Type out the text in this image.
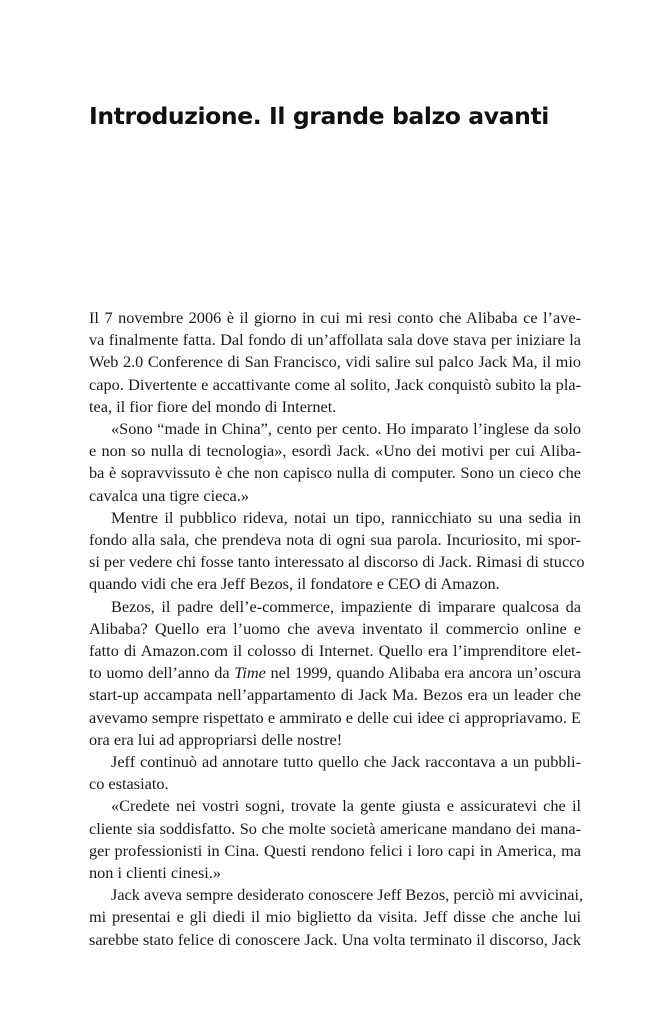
Introduzione. Il grande balzo avanti

Il 7 novembre 2006 è il giorno in cui mi resi conto che Alibaba ce l’ave-
va finalmente fatta. Dal fondo di un’affollata sala dove stava per iniziare la
Web 2.0 Conference di San Francisco, vidi salire sul palco Jack Ma, il mio
capo. Divertente e accattivante come al solito, Jack conquistò subito la pla-
tea, il fior fiore del mondo di Internet.

«Sono “made in China”, cento per cento. Ho imparato l’inglese da solo
e non so nulla di tecnologia», esordì Jack. «Uno dei motivi per cui Aliba-
ba è sopravvissuto è che non capisco nulla di computer. Sono un cieco che
cavalca una tigre cieca.»

Mentre il pubblico rideva, notai un tipo, rannicchiato su una sedia in
fondo alla sala, che prendeva nota di ogni sua parola. Incuriosito, mi spor-
si per vedere chi fosse tanto interessato al discorso di Jack. Rimasi di stucco
quando vidi che era Jeff Bezos, il fondatore e CEO di Amazon.

Bezos, il padre dell’e-commerce, impaziente di imparare qualcosa da
Alibaba? Quello era l’uomo che aveva inventato il commercio online e
fatto di Amazon.com il colosso di Internet. Quello era l’imprenditore elet-
to uomo dell’anno da Time nel 1999, quando Alibaba era ancora un’oscura
start-up accampata nell’appartamento di Jack Ma. Bezos era un leader che
avevamo sempre rispettato e ammirato e delle cui idee ci appropriavamo. E
ora era lui ad appropriarsi delle nostre!

Jeff continuò ad annotare tutto quello che Jack raccontava a un pubbli-
co estasiato.

«Credete nei vostri sogni, trovate la gente giusta e assicuratevi che il
cliente sia soddisfatto. So che molte società americane mandano dei mana-
ger professionisti in Cina. Questi rendono felici i loro capi in America, ma
non i clienti cinesi.»

Jack aveva sempre desiderato conoscere Jeff Bezos, perciò mi avvicinai,
mi presentai e gli diedi il mio biglietto da visita. Jeff disse che anche lui
sarebbe stato felice di conoscere Jack. Una volta terminato il discorso, Jack
